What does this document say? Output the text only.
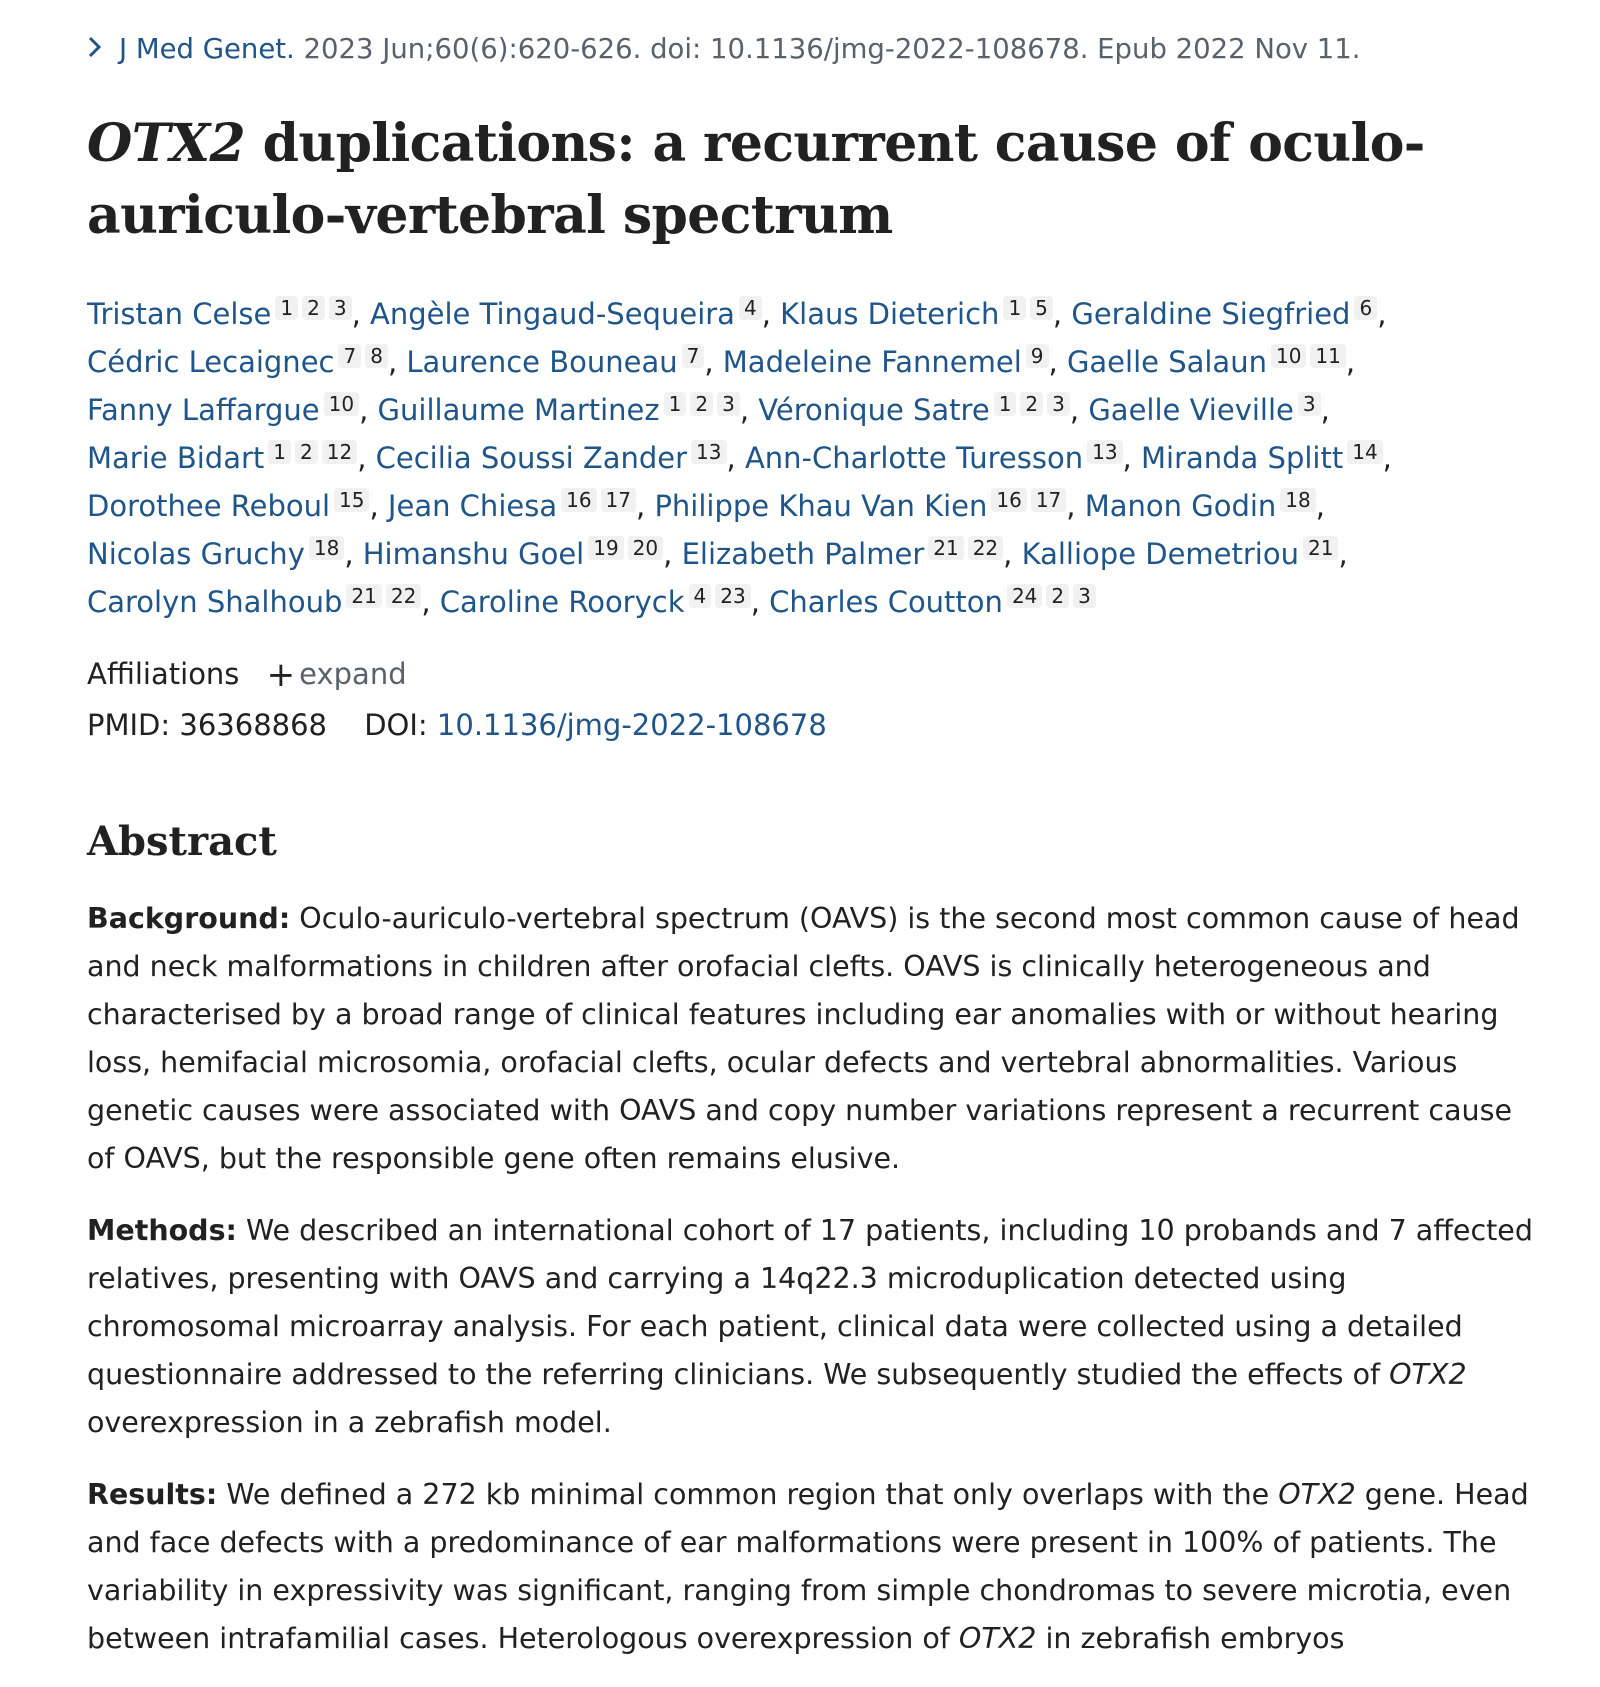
J Med Genet. 2023 Jun;60(6):620-626. doi: 10.1136/jmg-2022-108678. Epub 2022 Nov 11.
OTX2 duplications: a recurrent cause of oculo-auriculo-vertebral spectrum
Tristan Celse 1 2 3 , Angèle Tingaud-Sequeira 4 , Klaus Dieterich 1 5 , Geraldine Siegfried 6 , Cédric Lecaignec 7 8 , Laurence Bouneau 7 , Madeleine Fannemel 9 , Gaelle Salaun 10 11 , Fanny Laffargue 10 , Guillaume Martinez 1 2 3 , Véronique Satre 1 2 3 , Gaelle Vieville 3 , Marie Bidart 1 2 12 , Cecilia Soussi Zander 13 , Ann-Charlotte Turesson 13 , Miranda Splitt 14 , Dorothee Reboul 15 , Jean Chiesa 16 17 , Philippe Khau Van Kien 16 17 , Manon Godin 18 , Nicolas Gruchy 18 , Himanshu Goel 19 20 , Elizabeth Palmer 21 22 , Kalliope Demetriou 21 , Carolyn Shalhoub 21 22 , Caroline Rooryck 4 23 , Charles Coutton 24 2 3
Affiliations + expand
PMID: 36368868 DOI: 10.1136/jmg-2022-108678
Abstract

Background: Oculo-auriculo-vertebral spectrum (OAVS) is the second most common cause of head and neck malformations in children after orofacial clefts. OAVS is clinically heterogeneous and characterised by a broad range of clinical features including ear anomalies with or without hearing loss, hemifacial microsomia, orofacial clefts, ocular defects and vertebral abnormalities. Various genetic causes were associated with OAVS and copy number variations represent a recurrent cause of OAVS, but the responsible gene often remains elusive.

Methods: We described an international cohort of 17 patients, including 10 probands and 7 affected relatives, presenting with OAVS and carrying a 14q22.3 microduplication detected using chromosomal microarray analysis. For each patient, clinical data were collected using a detailed questionnaire addressed to the referring clinicians. We subsequently studied the effects of OTX2 overexpression in a zebrafish model.

Results: We defined a 272 kb minimal common region that only overlaps with the OTX2 gene. Head and face defects with a predominance of ear malformations were present in 100% of patients. The variability in expressivity was significant, ranging from simple chondromas to severe microtia, even between intrafamilial cases. Heterologous overexpression of OTX2 in zebrafish embryos
